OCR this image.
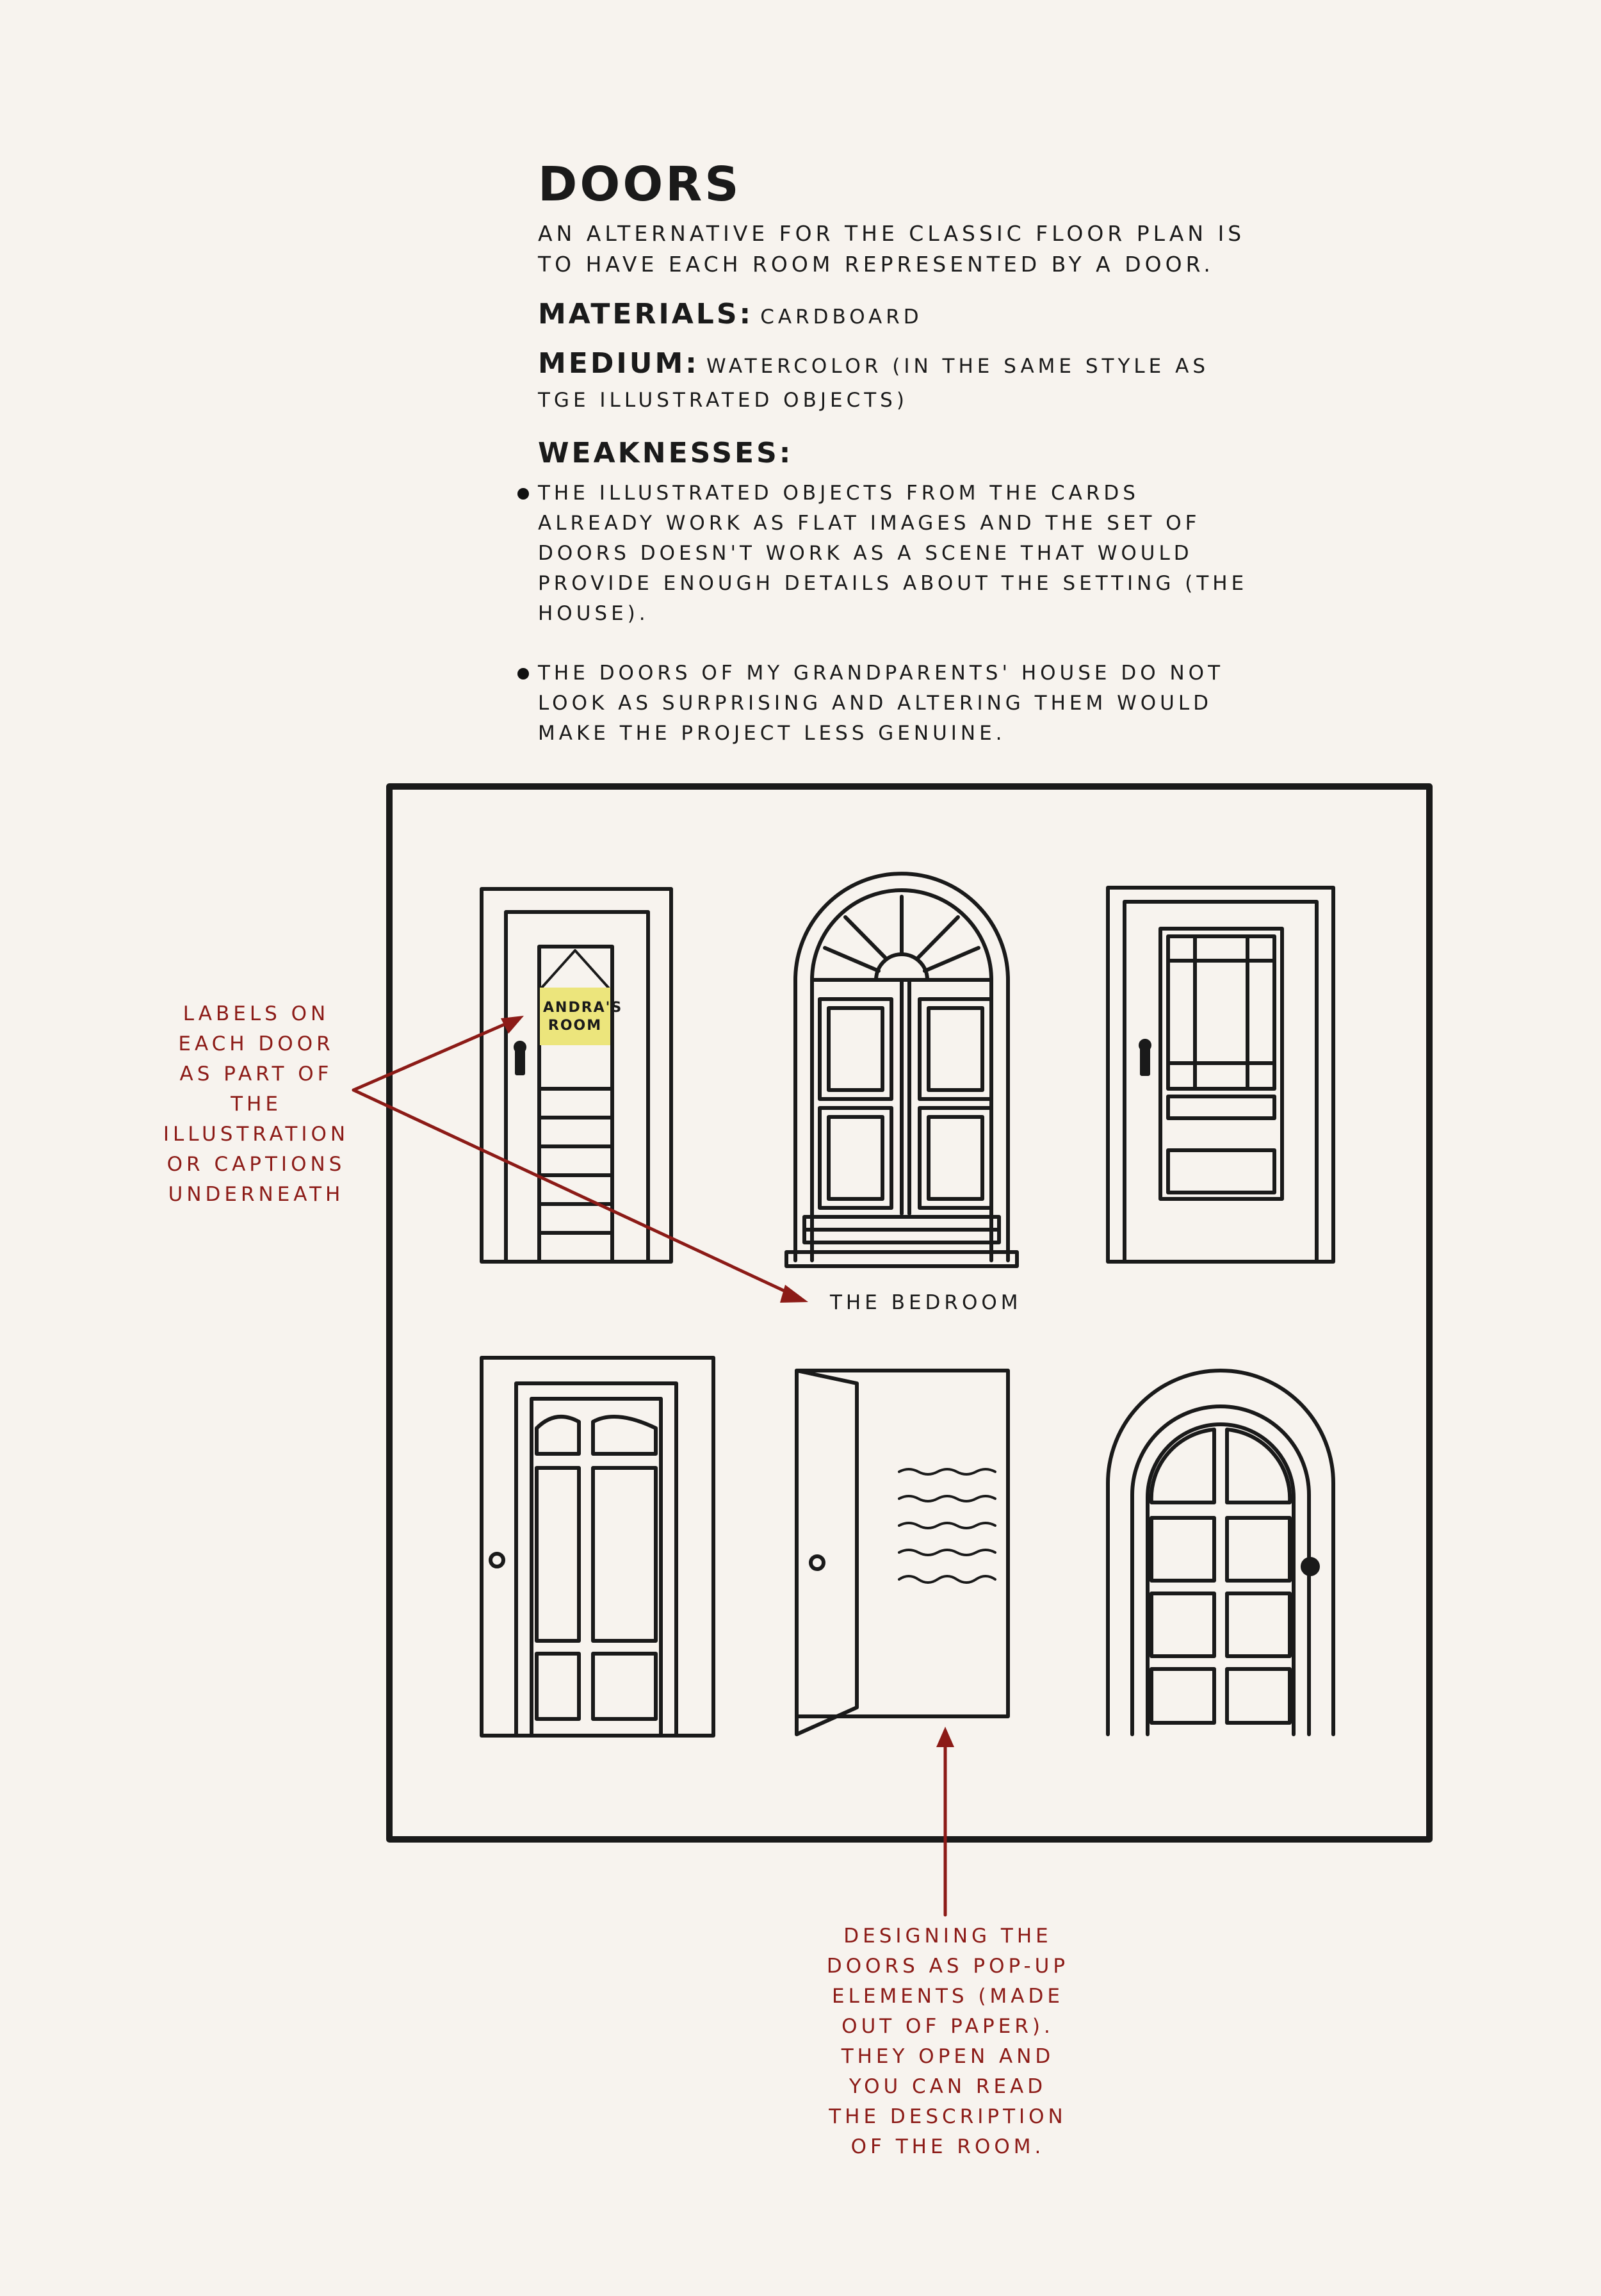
DOORS

AN ALTERNATIVE FOR THE CLASSIC FLOOR PLAN IS TO HAVE EACH ROOM REPRESENTED BY A DOOR.

MATERIALS: CARDBOARD
MEDIUM: WATERCOLOR (IN THE SAME STYLE AS TGE ILLUSTRATED OBJECTS)
WEAKNESSES:
THE ILLUSTRATED OBJECTS FROM THE CARDS ALREADY WORK AS FLAT IMAGES AND THE SET OF DOORS DOESN'T WORK AS A SCENE THAT WOULD PROVIDE ENOUGH DETAILS ABOUT THE SETTING (THE HOUSE).
THE DOORS OF MY GRANDPARENTS' HOUSE DO NOT LOOK AS SURPRISING AND ALTERING THEM WOULD MAKE THE PROJECT LESS GENUINE.
ANDRA'S ROOM
THE BEDROOM
LABELS ON EACH DOOR AS PART OF THE ILLUSTRATION OR CAPTIONS UNDERNEATH
DESIGNING THE DOORS AS POP-UP ELEMENTS (MADE OUT OF PAPER). THEY OPEN AND YOU CAN READ THE DESCRIPTION OF THE ROOM.
